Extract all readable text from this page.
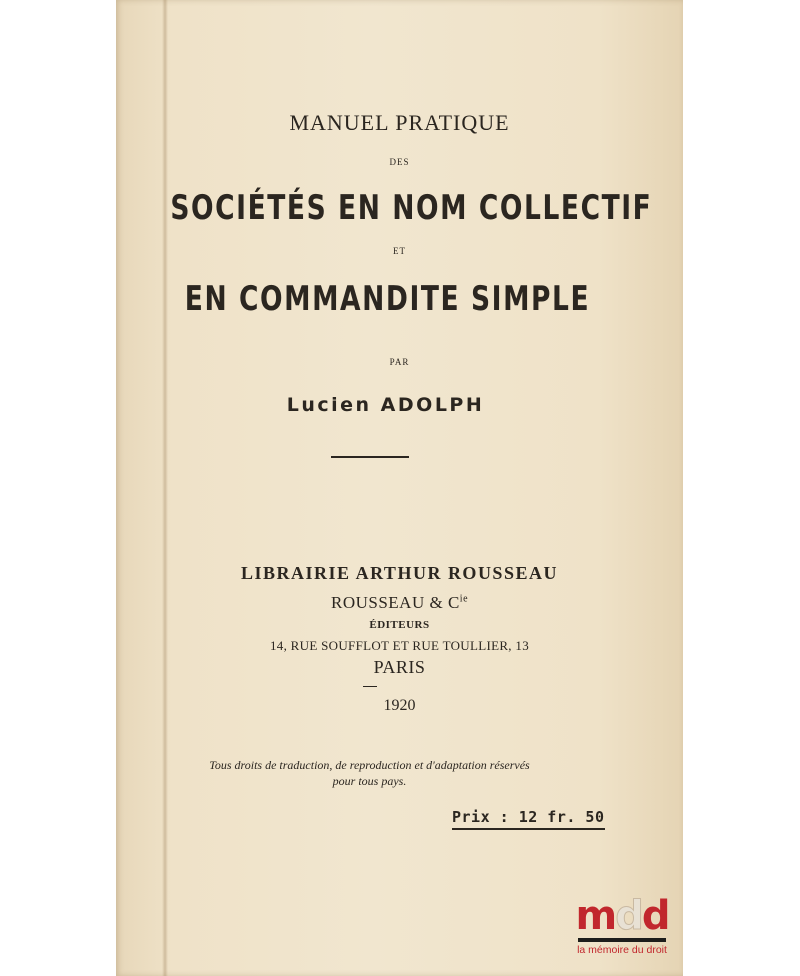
MANUEL PRATIQUE
DES
SOCIÉTÉS EN NOM COLLECTIF
ET
EN COMMANDITE SIMPLE
PAR
Lucien ADOLPH
LIBRAIRIE ARTHUR ROUSSEAU
ROUSSEAU & $C^{ie}$
ÉDITEURS
14, RUE SOUFFLOT ET RUE TOULLIER, 13
PARIS
1920
Tous droits de traduction, de reproduction et d'adaptation réservés
pour tous pays.
Prix : 12 fr. 50
mdd
la mémoire du droit
